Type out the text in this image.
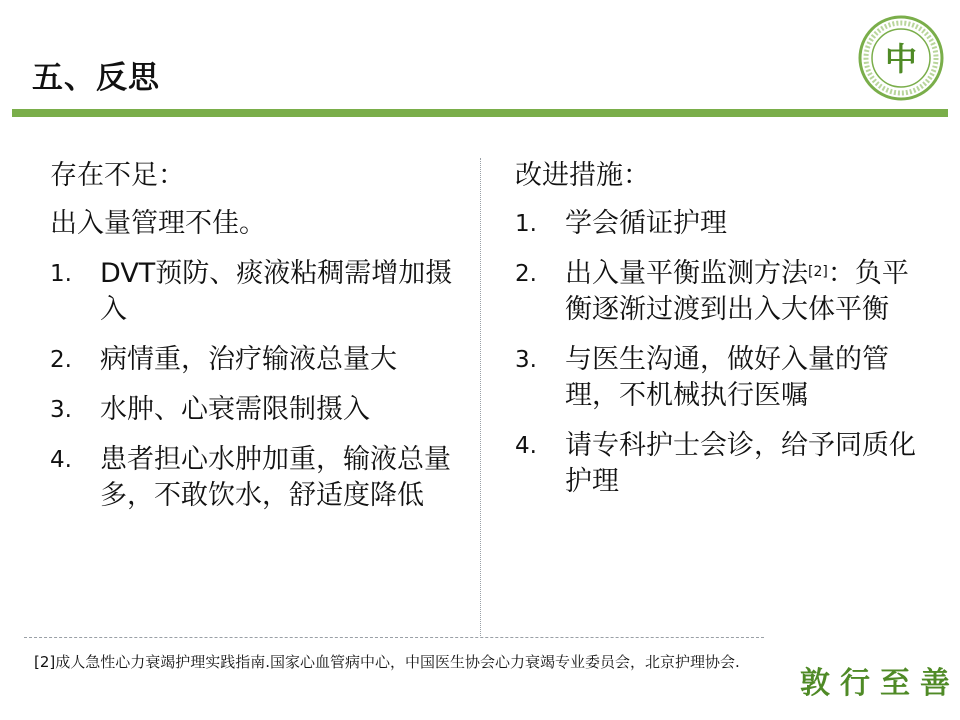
五、反思	中
存在不足：
出入量管理不佳。
1. DVT预防、痰液粘稠需增加摄入
2. 病情重，治疗输液总量大
3. 水肿、心衰需限制摄入
4. 患者担心水肿加重，输液总量多，不敢饮水，舒适度降低
改进措施：
1. 学会循证护理
2. 出入量平衡监测方法[2]：负平衡逐渐过渡到出入大体平衡
3. 与医生沟通，做好入量的管理，不机械执行医嘱
4. 请专科护士会诊，给予同质化护理
[2]成人急性心力衰竭护理实践指南.国家心血管病中心，中国医生协会心力衰竭专业委员会，北京护理协会.
敦行至善
